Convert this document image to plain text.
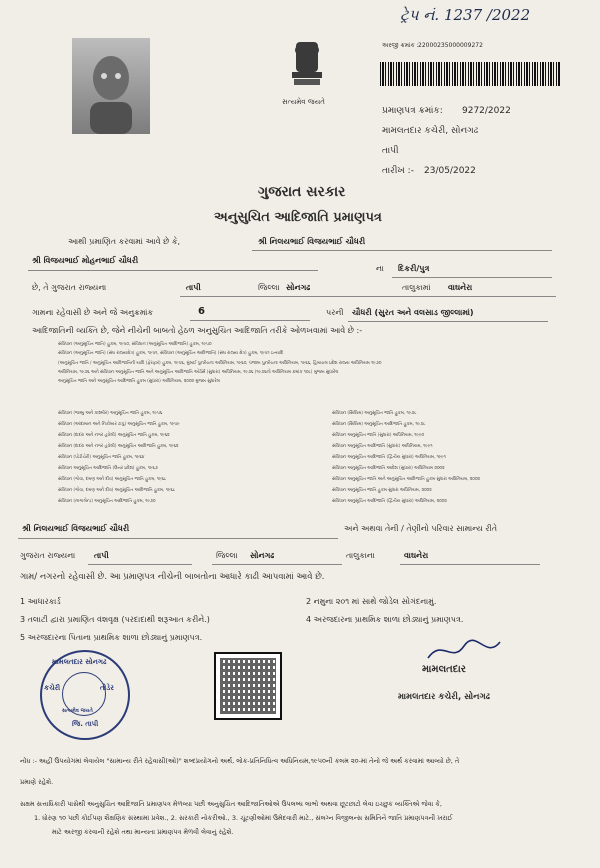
ટ્રેપ નં. 1237 /2022
સત્યમેવ જયતે
અરજી ક્રમાંક : 22000235000009272
પ્રમાણપત્ર ક્રમાંક: 9272/2022
મામલતદાર કચેરી, સોનગઢ
તાપી
તારીખ :- 23/05/2022
ગુજરાત સરકાર
અનુસુચિત આદિજાતિ પ્રમાણપત્ર
આથી પ્રમાણિત કરવામાં આવે છે કે,	શ્રી નિલયભાઈ વિજયભાઈ ચૌધરી
શ્રી વિજયભાઈ મોહનભાઈ ચૌધરી
ના દિકરી/પુત્ર
છે, તે ગુજરાત રાજ્યના	તાપી	જિલ્લા સોનગઢ	તાલુકામાં વાઘનેરા
ગામના રહેવાસી છે અને જે અનુક્રમાંક	6	પરની ચૌધરી (સુરત અને વલસાડ જીલ્લામાં)
આદિજાતિની વ્યક્તિ છે, જેને નીચેની બાબતો હેઠળ અનુસુચિત આદિજાતિ તરીકે ઓળખવામાં આવે છે :-
સંવિધાન (અનુસૂચિત જાતિ) હુકમ, ૧૯૫૦, સંવિધાન (અનુસૂચિત આદિજાતિ) હુકમ, ૧૯૫૦
સંવિધાન (અનુસૂચિત જાતિ) (સંઘ રાજ્યક્ષેત્ર) હુકમ, ૧૯૫૧, સંવિધાન (અનુસૂચિત આદિજાતિ) (સંઘ રાજ્ય ક્ષેત્ર) હુકમ, ૧૯૫૧ ઇત્યાદિ
(અનુસૂચિત જાતિ / અનુસૂચિત આદિજાતિની યાદિ (ફેરફાર) હુકમ, ૧૯૫૬, મુંબઈ પુનર્રચના અધિનિયમ, ૧૯૬૦, પંજાબ પુનર્રચના અધિનિયમ, ૧૯૬૬, હિમાચલ પ્રદેશ રાજ્ય અધિનિયમ ૧૯૭૦
અધિનિયમ, ૧૯૭૬ અને સંવિધાન અનુસૂચિત જાતિ અને અનુસૂચિત આદિજાતિ ઓર્ડર્સ (સુધારા) અધિનિયમ, ૧૯૭૬ (૧૯૭૬નો અધિનિયમ ક્રમાંક ૧૦૮) મુજબ સુધારેલ
અનુસૂચિત જાતિ અને અનુસૂચિત આદિજાતિ હુકમ (સુધારા) અધિનિયમ, ૨૦૦૨ મુજબ સુધારેલ
સંવિધાન (જમ્મુ અને કાશ્મીર) અનુસૂચિત જાતિ હુકમ, ૧૯૫૬
સંવિધાન (આંદામાન અને નિકોબાર ટાપુ) અનુસૂચિત જાતિ હુકમ, ૧૯૫૯
સંવિધાન (દાદરા અને નગર હવેલી) અનુસૂચિત જાતિ હુકમ, ૧૯૬૨
સંવિધાન (દાદરા અને નગર હવેલી) અનુસૂચિત આદિજાતિ હુકમ, ૧૯૬૨
સંવિધાન (પોંડીચેરી) અનુસૂચિત જાતિ હુકમ, ૧૯૬૪
સંવિધાન અનુસૂચિત આદિજાતિ (ઉત્તર પ્રદેશ) હુકમ, ૧૯૬૭
સંવિધાન (ગોવા, દમણ અને દીવ) અનુસૂચિત જાતિ હુકમ, ૧૯૬૮
સંવિધાન (ગોવા, દમણ અને દીવ) અનુસૂચિત આદિજાતિ હુકમ, ૧૯૬૮
સંવિધાન (નાગાલેન્ડ) અનુસૂચિત આદિજાતિ હુકમ, ૧૯૭૦
સંવિધાન (સિક્કિમ) અનુસૂચિત જાતિ હુકમ, ૧૯૭૮
સંવિધાન (સિક્કિમ) અનુસૂચિત આદિજાતિ હુકમ, ૧૯૭૮
સંવિધાન અનુસૂચિત જાતિ (સુધારા) અધિનિયમ, ૧૯૯૦
સંવિધાન અનુસૂચિત આદિજાતિ (સુધારા) અધિનિયમ, ૧૯૯૧
સંવિધાન અનુસૂચિત આદિજાતિ (દ્વિતીય સુધારા) અધિનિયમ, ૧૯૯૧
સંવિધાન અનુસૂચિત આદિજાતિ આદેશ (સુધારા) અધિનિયમ ૨૦૦૨
સંવિધાન અનુસૂચિત જાતિ અને અનુસૂચિત આદિજાતિ હુકમ સુધારા અધિનિયમ, ૨૦૦૨
સંવિધાન અનુસૂચિત જાતિ હુકમ સુધારા અધિનિયમ, ૨૦૦૨
સંવિધાન અનુસૂચિત આદિજાતિ (દ્વિતીય સુધારા) અધિનિયમ, ૨૦૦૨
શ્રી નિલયભાઈ વિજયભાઈ ચૌધરી	અને અથવા તેની / તેણીનો પરિવાર સામાન્ય રીતે
ગુજરાત રાજ્યના તાપી	જિલ્લા સોનગઢ	તાલુકાના	વાઘનેરા
ગામ/ નગરનો રહેવાસી છે. આ પ્રમાણપત્ર નીચેની બાબતોના આધારે કાઢી આપવામાં આવે છે.
1 આધારકાર્ડ	2 નમુના ૨૦૧ માં સાથે જોડેલ સોગંદનામું.
3 તલાટી દ્વારા પ્રમાણિત વંશવૃક્ષ (પરદાદાથી શરૂઆત કરીને.)	4 અરજદારના પ્રાથમિક શાળા છોડ્યાનું પ્રમાણપત્ર.
5 અરજદારના પિતાના પ્રાથમિક શાળા છોડ્યાનું પ્રમાણપત્ર.
મામલતદાર સોનગઢ
કચેરી	તોડેર
સત્યમેવ જયતે
જિ. તાપી
મામલતદાર
મામલતદાર કચેરી, સોનગઢ
નોંધ :- અહીં ઉપયોગમાં લેવાયેલ "સામાન્ય રીતે રહેવાસી(ઓ)" શબ્દપ્રયોગનો અર્થ, લોક-પ્રતિનિધિત્વ અધિનિયમ,૧૯૫૦ની કલમ ૨૦-માં તેનો જે અર્થ કરવામાં આવ્યો છે, તે
પ્રમાણે રહેશે.
સક્ષમ સત્તાધિકારી પાસેથી અનુસુચિત આદિજાતિ પ્રમાણપત્ર મેળવ્યા પછી અનુસુચિત આદિજાતિઓએ ઉપલબ્ધ લાભો અથવા છૂટછાટો લેવા ઇચ્છુક વ્યક્તિએ જેવા કે,
1. ધોરણ ૧૦ પછી કોઈપણ શૈક્ષણિક સંસ્થામાં પ્રવેશ., 2. સરકારી નોકરીઓ., 3. ચૂંટણીઓમાં ઉમેદવારી માટે., સંલગ્ન વિજીલન્સ સમિતિને જાતિ પ્રમાણપત્રની ખરાઈ
માટે અરજી કરવાની રહેશે તથા માન્યતા પ્રમાણપત્ર મેળવી લેવાનું રહેશે.
